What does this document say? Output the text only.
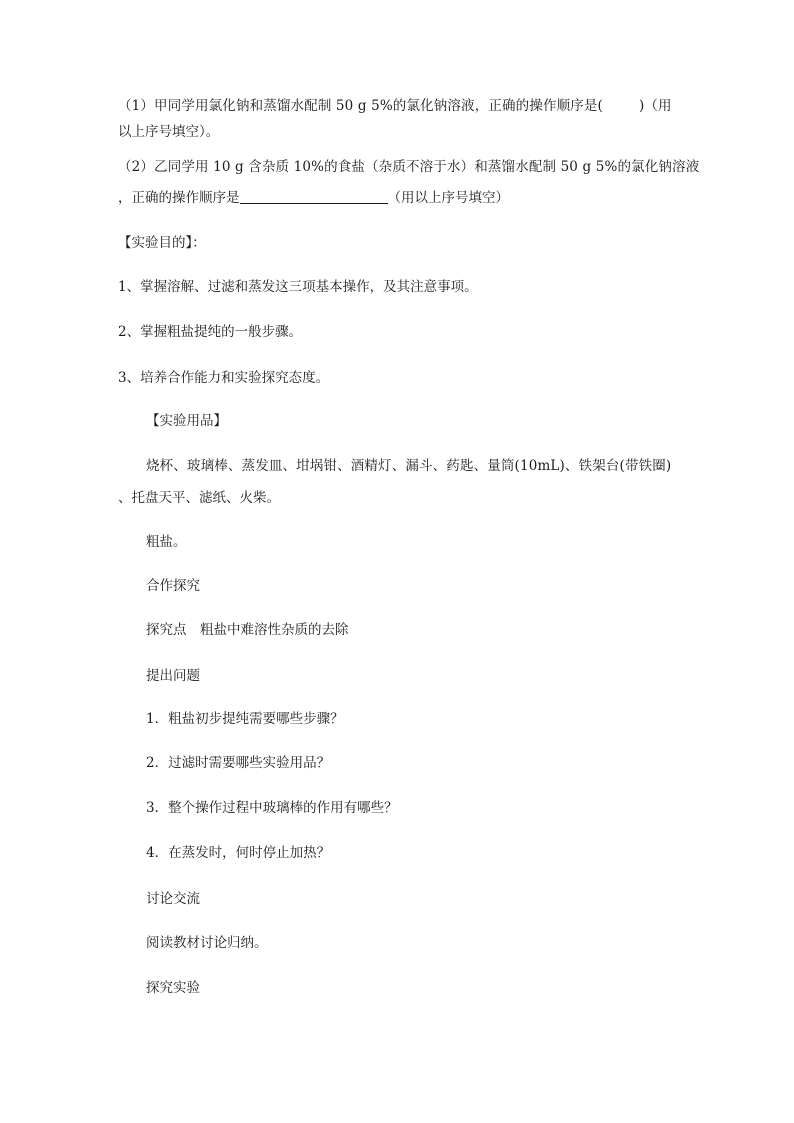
（1）甲同学用氯化钠和蒸馏水配制 50 g 5%的氯化钠溶液，正确的操作顺序是(	)（用
以上序号填空）。
（2）乙同学用 10 g 含杂质 10%的食盐（杂质不溶于水）和蒸馏水配制 50 g 5%的氯化钠溶液
，正确的操作顺序是	（用以上序号填空）
【实验目的】：
1、掌握溶解、过滤和蒸发这三项基本操作，及其注意事项。
2、掌握粗盐提纯的一般步骤。
3、培养合作能力和实验探究态度。
【实验用品】
烧杯、玻璃棒、蒸发皿、坩埚钳、酒精灯、漏斗、药匙、量筒(10mL)、铁架台(带铁圈)
、托盘天平、滤纸、火柴。
粗盐。
合作探究
探究点　粗盐中难溶性杂质的去除
提出问题
1．粗盐初步提纯需要哪些步骤？
2．过滤时需要哪些实验用品？
3．整个操作过程中玻璃棒的作用有哪些？
4．在蒸发时，何时停止加热？
讨论交流
阅读教材讨论归纳。
探究实验
